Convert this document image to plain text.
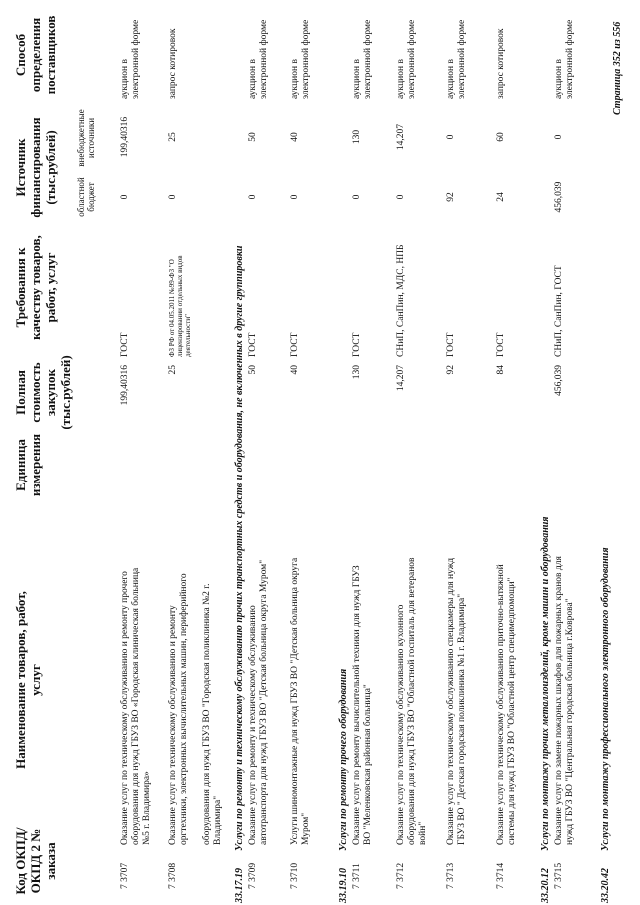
Код ОКПД/ ОКПД 2 № заказа
Наименование товаров, работ, услуг
Единица измерения
Полная стоимость закупок (тыс.рублей)
Требования к качеству товаров, работ, услуг
Источник финансирования (тыс.рублей) областной бюджет
внебюджетные источники
Способ определения поставщиков
7 3707
Оказание услуг по техническому обслуживанию и ремонту прочего оборудования для нужд ГБУЗ ВО «Городская клиническая больница №5 г. Владимира»
199,40316
ГОСТ
0
199,40316
аукцион в электронной форме
7 3708
Оказание услуг по техническому обслуживанию и ремонту оргтехники, электронных вычислительных машин, периферийного оборудования для нужд ГБУЗ ВО "Городская поликлиника №2 г. Владимира"
25
ФЗ РФ от 04.05.2011 №99-ФЗ "О лицензировании отдельных видов деятельности"
0
25
запрос котировок
33.17.19
Услуги по ремонту и техническому обслуживанию прочих транспортных средств и оборудования, не включенных в другие группировки
7 3709
Оказание услуг по ремонту и техническому обслуживанию автотранспорта для нужд ГБУЗ ВО "Детская больница округа Муром"
50
ГОСТ
0
50
аукцион в электронной форме
7 3710
Услуги шиномонтажные для нужд ГБУЗ ВО "Детская больница округа Муром"
40
ГОСТ
0
40
аукцион в электронной форме
33.19.10
Услуги по ремонту прочего оборудования
7 3711
Оказание услуг по ремонту вычислительной техники для нужд ГБУЗ ВО "Меленковская районная больница"
130
ГОСТ
0
130
аукцион в электронной форме
7 3712
Оказание услуг по техническому обслуживанию кухонного оборудования для нужд ГБУЗ ВО "Областной госпиталь для ветеранов войн"
14,207
СНиП, СанПин, МДС, НПБ
0
14,207
аукцион в электронной форме
7 3713
Оказание услуг по техническому обслуживанию спецкамеры для нужд ГБУЗ ВО " Детская городская поликлиника №1 г. Владимира"
92
ГОСТ
92
0
аукцион в электронной форме
7 3714
Оказание услуг по техническому обслуживанию приточно-вытяжной системы для нужд ГБУЗ ВО "Областной центр специмедпомощи"
84
ГОСТ
24
60
запрос котировок
33.20.12
Услуги по монтажу прочих металлоизделий, кроме машин и оборудования
7 3715
Оказание услуг по замене пожарных шкафов для пожарных кранов для нужд ГБУЗ ВО "Центральная городская больница г.Коврова"
456,039
СНиП, СанПин, ГОСТ
456,039
0
аукцион в электронной форме
33.20.42
Услуги по монтажу профессионального электронного оборудования
Страница 352 из 556
